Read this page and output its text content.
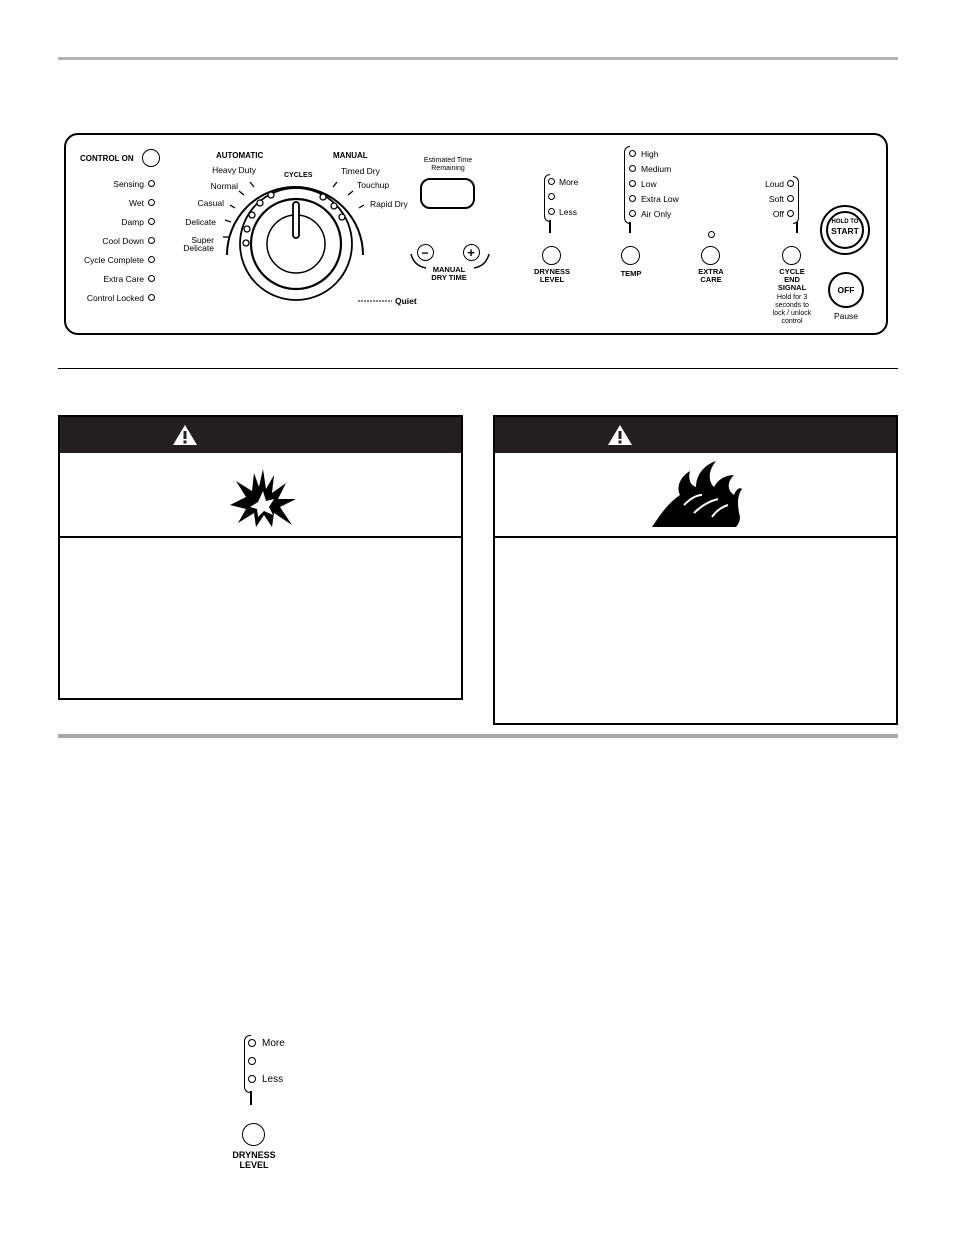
CONTROL ON
Sensing
Wet
Damp
Cool Down
Cycle Complete
Extra Care
Control Locked
AUTOMATIC	MANUAL
CYCLES
Heavy Duty
Normal
Casual
Delicate
Super
Delicate
Timed Dry
Touchup
Rapid Dry
Quiet
Estimated Time
Remaining
−	+
MANUAL
DRY TIME
More
Less
DRYNESS
LEVEL
High
Medium
Low
Extra Low
Air Only
TEMP	EXTRA
CARE
Loud
Soft
Off
CYCLE
END
SIGNAL
Hold for 3
seconds to
lock / unlock
control
HOLD TO
START
OFF
Pause
More
Less
DRYNESS
LEVEL
